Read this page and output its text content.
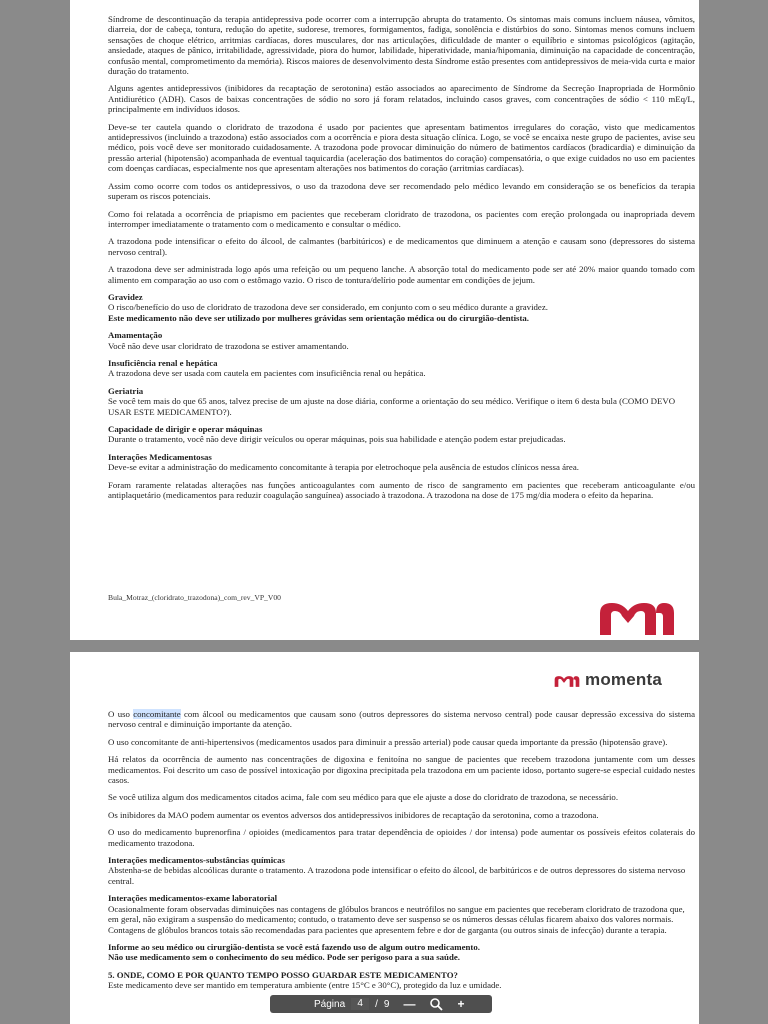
Síndrome de descontinuação da terapia antidepressiva pode ocorrer com a interrupção abrupta do tratamento. Os sintomas mais comuns incluem náusea, vômitos, diarreia, dor de cabeça, tontura, redução do apetite, sudorese, tremores, formigamentos, fadiga, sonolência e distúrbios do sono. Sintomas menos comuns incluem sensações de choque elétrico, arritmias cardíacas, dores musculares, dor nas articulações, dificuldade de manter o equilíbrio e sintomas psicológicos (agitação, ansiedade, ataques de pânico, irritabilidade, agressividade, piora do humor, labilidade, hiperatividade, mania/hipomania, diminuição na capacidade de concentração, confusão mental, comprometimento da memória). Riscos maiores de desenvolvimento desta Síndrome estão presentes com antidepressivos de meia-vida curta e maior duração do tratamento.

Alguns agentes antidepressivos (inibidores da recaptação de serotonina) estão associados ao aparecimento de Síndrome da Secreção Inapropriada de Hormônio Antidiurético (ADH). Casos de baixas concentrações de sódio no soro já foram relatados, incluindo casos graves, com concentrações de sódio < 110 mEq/L, principalmente em indivíduos idosos.

Deve-se ter cautela quando o cloridrato de trazodona é usado por pacientes que apresentam batimentos irregulares do coração, visto que medicamentos antidepressivos (incluindo a trazodona) estão associados com a ocorrência e piora desta situação clínica. Logo, se você se encaixa neste grupo de pacientes, avise seu médico, pois você deve ser monitorado cuidadosamente. A trazodona pode provocar diminuição do número de batimentos cardíacos (bradicardia) e diminuição da pressão arterial (hipotensão) acompanhada de eventual taquicardia (aceleração dos batimentos do coração) compensatória, o que exige cuidados no uso em pacientes com doenças cardíacas, especialmente nos que apresentam alterações nos batimentos do coração (arritmias cardíacas).

Assim como ocorre com todos os antidepressivos, o uso da trazodona deve ser recomendado pelo médico levando em consideração se os benefícios da terapia superam os riscos potenciais.

Como foi relatada a ocorrência de priapismo em pacientes que receberam cloridrato de trazodona, os pacientes com ereção prolongada ou inapropriada devem interromper imediatamente o tratamento com o medicamento e consultar o médico.

A trazodona pode intensificar o efeito do álcool, de calmantes (barbitúricos) e de medicamentos que diminuem a atenção e causam sono (depressores do sistema nervoso central).

A trazodona deve ser administrada logo após uma refeição ou um pequeno lanche. A absorção total do medicamento pode ser até 20% maior quando tomado com alimento em comparação ao uso com o estômago vazio. O risco de tontura/delírio pode aumentar em condições de jejum.

Gravidez
O risco/benefício do uso de cloridrato de trazodona deve ser considerado, em conjunto com o seu médico durante a gravidez.
Este medicamento não deve ser utilizado por mulheres grávidas sem orientação médica ou do cirurgião-dentista.
Amamentação
Você não deve usar cloridrato de trazodona se estiver amamentando.
Insuficiência renal e hepática
A trazodona deve ser usada com cautela em pacientes com insuficiência renal ou hepática.
Geriatria
Se você tem mais do que 65 anos, talvez precise de um ajuste na dose diária, conforme a orientação do seu médico. Verifique o item 6 desta bula (COMO DEVO USAR ESTE MEDICAMENTO?).
Capacidade de dirigir e operar máquinas
Durante o tratamento, você não deve dirigir veículos ou operar máquinas, pois sua habilidade e atenção podem estar prejudicadas.
Interações Medicamentosas
Deve-se evitar a administração do medicamento concomitante à terapia por eletrochoque pela ausência de estudos clínicos nessa área.

Foram raramente relatadas alterações nas funções anticoagulantes com aumento de risco de sangramento em pacientes que receberam anticoagulante e/ou antiplaquetário (medicamentos para reduzir coagulação sanguínea) associado à trazodona. A trazodona na dose de 175 mg/dia modera o efeito da heparina.

Bula_Motraz_(cloridrato_trazodona)_com_rev_VP_V00
momenta

O uso concomitante com álcool ou medicamentos que causam sono (outros depressores do sistema nervoso central) pode causar depressão excessiva do sistema nervoso central e diminuição importante da atenção.

O uso concomitante de anti-hipertensivos (medicamentos usados para diminuir a pressão arterial) pode causar queda importante da pressão (hipotensão grave).

Há relatos da ocorrência de aumento nas concentrações de digoxina e fenitoína no sangue de pacientes que recebem trazodona juntamente com um desses medicamentos. Foi descrito um caso de possível intoxicação por digoxina precipitada pela trazodona em um paciente idoso, portanto sugere-se especial cuidado nestes casos.

Se você utiliza algum dos medicamentos citados acima, fale com seu médico para que ele ajuste a dose do cloridrato de trazodona, se necessário.

Os inibidores da MAO podem aumentar os eventos adversos dos antidepressivos inibidores de recaptação da serotonina, como a trazodona.

O uso do medicamento buprenorfina / opioides (medicamentos para tratar dependência de opioides / dor intensa) pode aumentar os possíveis efeitos colaterais do medicamento trazodona.

Interações medicamentos-substâncias químicas
Abstenha-se de bebidas alcoólicas durante o tratamento. A trazodona pode intensificar o efeito do álcool, de barbitúricos e de outros depressores do sistema nervoso central.
Interações medicamentos-exame laboratorial
Ocasionalmente foram observadas diminuições nas contagens de glóbulos brancos e neutrófilos no sangue em pacientes que receberam cloridrato de trazodona que, em geral, não exigiram a suspensão do medicamento; contudo, o tratamento deve ser suspenso se os números dessas células ficarem abaixo dos valores normais. Contagens de glóbulos brancos totais são recomendadas para pacientes que apresentem febre e dor de garganta (ou outros sinais de infecção) durante a terapia.
Informe ao seu médico ou cirurgião-dentista se você está fazendo uso de algum outro medicamento.
Não use medicamento sem o conhecimento do seu médico. Pode ser perigoso para a sua saúde.
5. ONDE, COMO E POR QUANTO TEMPO POSSO GUARDAR ESTE MEDICAMENTO?
Este medicamento deve ser mantido em temperatura ambiente (entre 15°C e 30°C), protegido da luz e umidade.
Página	4	/ 9 —	+
